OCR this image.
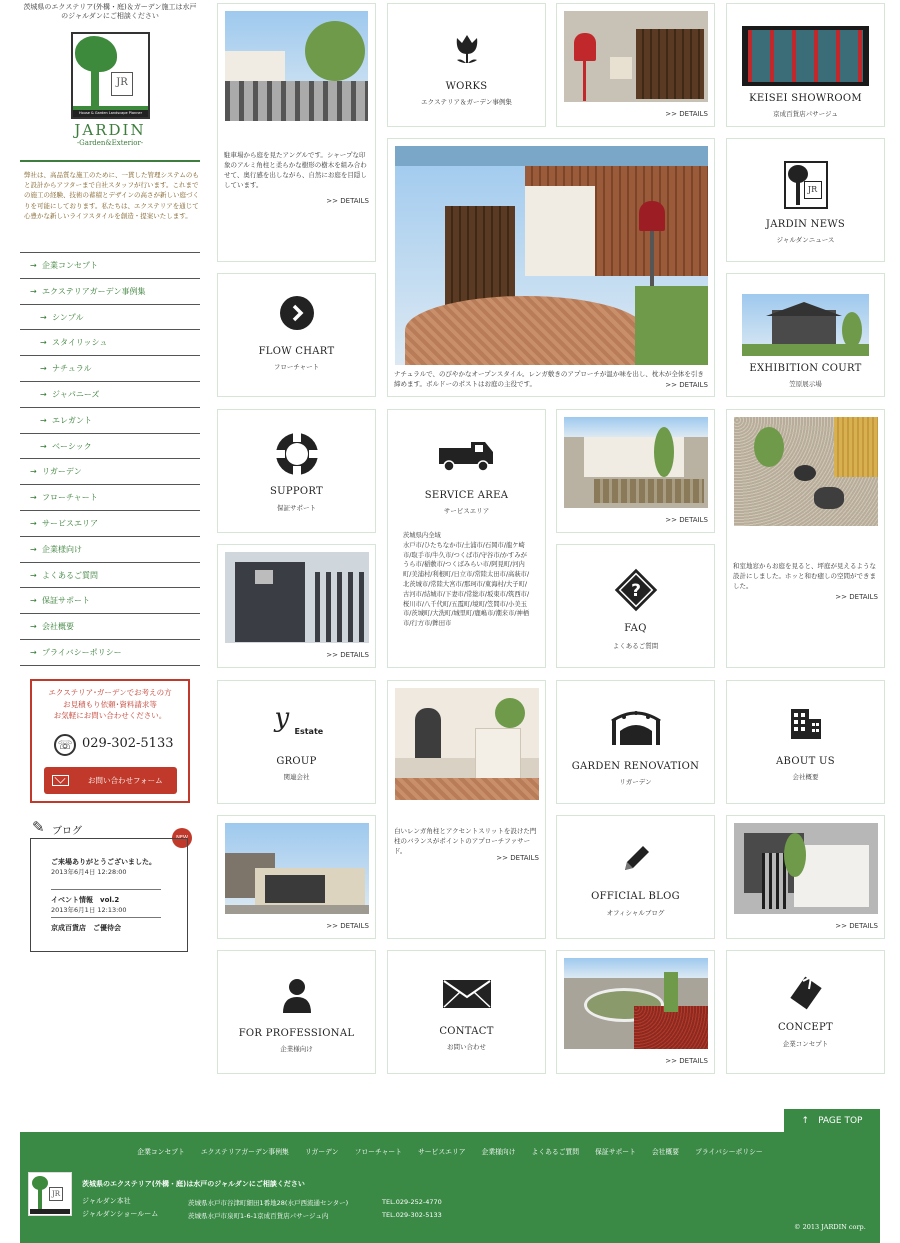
茨城県のエクステリア(外構・庭)＆ガーデン施工は水戸のジャルダンにご相談ください
JR
House & Garden Landscape Planner
JARDIN
-Garden&Exterior-
弊社は、高品質な施工のために、一貫した管理システムのもと設計からアフターまで自社スタッフが行います。これまでの施工の経験、技術の蓄積とデザインの高さが新しい庭づくりを可能にしております。私たちは、エクステリアを通じて心豊かな新しいライフスタイルを創造・提案いたします。
→ 企業コンセプト
→ エクステリアガーデン事例集
→ シンプル
→ スタイリッシュ
→ ナチュラル
→ ジャパニーズ
→ エレガント
→ ベーシック
→ リガーデン
→ フローチャート
→ サービスエリア
→ 企業様向け
→ よくあるご質問
→ 保証サポート
→ 会社概要
→ プライバシーポリシー
エクステリア･ガーデンでお考えの方
お見積もり依頼･資料請求等
お気軽にお問い合わせください。
☏ 029-302-5133
お問い合わせフォーム
✎ ブログ
NEW
ご来場ありがとうございました。
2013年6月4日 12:28:00
イベント情報　vol.2
2013年6月1日 12:13:00
京成百貨店　ご優待会
駐車場から庭を見たアングルです。シャープな印象のアルミ角柱と柔らかな樹形の樹木を組み合わせて、奥行感を出しながら、自然にお庭を目隠ししています。
>> DETAILS
WORKS
エクステリア＆ガーデン事例集
>> DETAILS
KEISEI SHOWROOM
京成百貨店パサージュ
ナチュラルで、のびやかなオープンスタイル。レンガ敷きのアプローチが温か味を出し、枕木が全体を引き締めます。ボルドーのポストはお庭の主役です。	>> DETAILS
JR
JARDIN NEWS
ジャルダンニュース
FLOW CHART
フローチャート	EXHIBITION COURT
笠原展示場
SUPPORT
保証サポート
SERVICE AREA
サービスエリア
茨城県内全域
水戸市/ひたちなか市/土浦市/石岡市/龍ケ崎市/取手市/牛久市/つくば市/守谷市/かすみがうら市/稲敷市/つくばみらい市/阿見町/河内町/美浦村/利根町/日立市/常陸太田市/高萩市/北茨城市/常陸大宮市/那珂市/東海村/大子町/古河市/結城市/下妻市/常総市/坂東市/筑西市/桜川市/八千代町/五霞町/境町/笠間市/小美玉市/茨城町/大洗町/城里町/鹿嶋市/潮来市/神栖市/行方市/鉾田市
>> DETAILS
和室地窓からお庭を見ると、坪庭が見えるような設計にしました。ホッと和む癒しの空間ができました。
>> DETAILS
>> DETAILS
?
FAQ
よくあるご質問
y Estate
GROUP
関連会社
白いレンガ角柱とアクセントスリットを設けた門柱のバランスがポイントのアプローチファサード。
>> DETAILS
GARDEN RENOVATION
リガーデン
ABOUT US
会社概要
>> DETAILS
OFFICIAL BLOG
オフィシャルブログ
>> DETAILS
FOR PROFESSIONAL
企業様向け
CONTACT
お問い合わせ
>> DETAILS
CONCEPT
企業コンセプト
↑　PAGE TOP
企業コンセプト エクステリアガーデン事例集 リガーデン フローチャート サービスエリア 企業様向け よくあるご質問 保証サポート 会社概要 プライバシーポリシー
JR
茨城県のエクステリア(外構・庭)は水戸のジャルダンにご相談ください
ジャルダン本社
ジャルダンショールーム
茨城県水戸市谷津町細田1番地28(水戸西流通センター)
茨城県水戸市泉町1-6-1京成百貨店パサージュ内
TEL.029-252-4770
TEL.029-302-5133
© 2013 JARDIN corp.
